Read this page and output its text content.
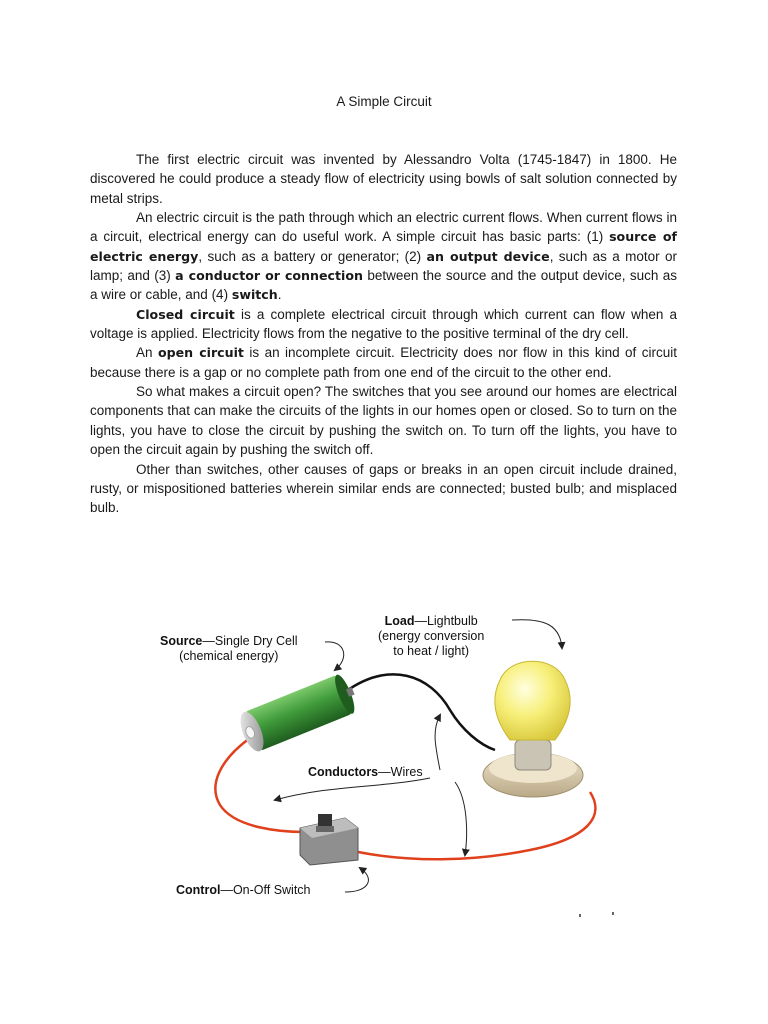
A Simple Circuit

The first electric circuit was invented by Alessandro Volta (1745-1847) in 1800. He discovered he could produce a steady flow of electricity using bowls of salt solution connected by metal strips.

An electric circuit is the path through which an electric current flows. When current flows in a circuit, electrical energy can do useful work. A simple circuit has basic parts: (1) source of electric energy, such as a battery or generator; (2) an output device, such as a motor or lamp; and (3) a conductor or connection between the source and the output device, such as a wire or cable, and (4) switch.

Closed circuit is a complete electrical circuit through which current can flow when a voltage is applied. Electricity flows from the negative to the positive terminal of the dry cell.

An open circuit is an incomplete circuit. Electricity does nor flow in this kind of circuit because there is a gap or no complete path from one end of the circuit to the other end.

So what makes a circuit open? The switches that you see around our homes are electrical components that can make the circuits of the lights in our homes open or closed. So to turn on the lights, you have to close the circuit by pushing the switch on. To turn off the lights, you have to open the circuit again by pushing the switch off.

Other than switches, other causes of gaps or breaks in an open circuit include drained, rusty, or mispositioned batteries wherein similar ends are connected; busted bulb; and misplaced bulb.

Source—Single Dry Cell
(chemical energy)
Load—Lightbulb
(energy conversion
to heat / light)
Conductors—Wires
Control—On-Off Switch
